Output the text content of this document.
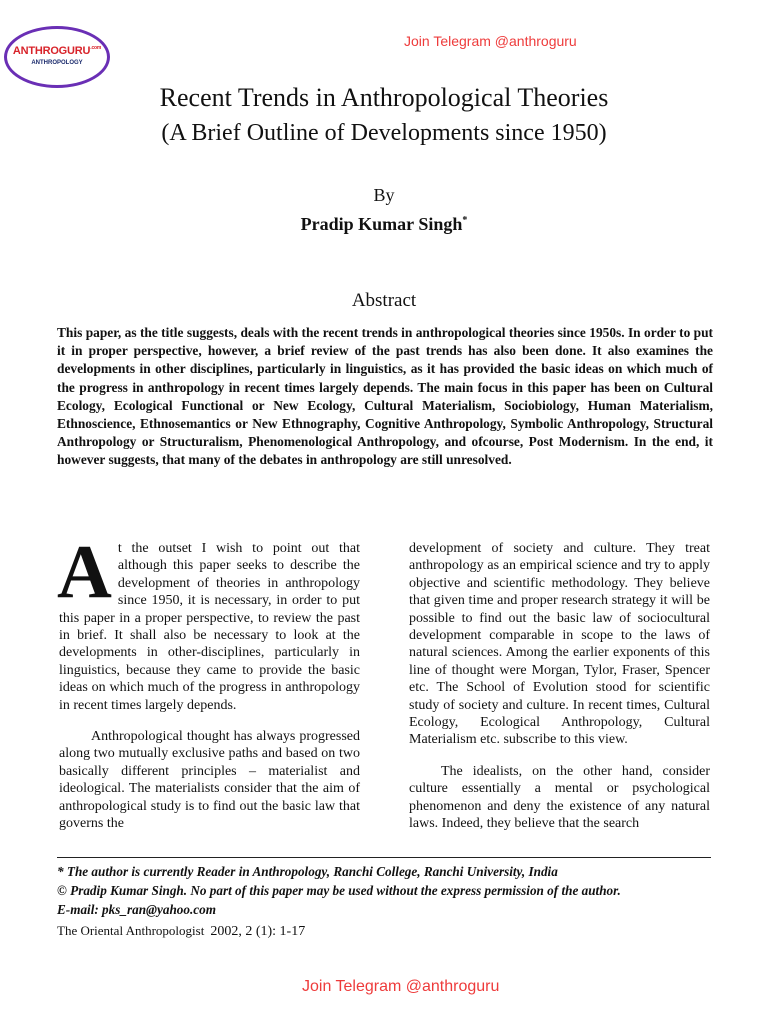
$ANTHROGURU^{.com}$
ANTHROPOLOGY
Join Telegram @anthroguru
Recent Trends in Anthropological Theories
(A Brief Outline of Developments since 1950)
By
Pradip Kumar Singh*
Abstract

This paper, as the title suggests, deals with the recent trends in anthropological theories since 1950s. In order to put it in proper perspective, however, a brief review of the past trends has also been done. It also examines the developments in other disciplines, particularly in linguistics, as it has provided the basic ideas on which much of the progress in anthropology in recent times largely depends. The main focus in this paper has been on Cultural Ecology, Ecological Functional or New Ecology, Cultural Materialism, Sociobiology, Human Materialism, Ethnoscience, Ethnosemantics or New Ethnography, Cognitive Anthropology, Symbolic Anthropology, Structural Anthropology or Structuralism, Phenomenological Anthropology, and ofcourse, Post Modernism. In the end, it however suggests, that many of the debates in anthropology are still unresolved.

At the outset I wish to point out that although this paper seeks to describe the development of theories in anthropology since 1950, it is necessary, in order to put this paper in a proper perspective, to review the past in brief. It shall also be necessary to look at the developments in other-disciplines, particularly in linguistics, because they came to provide the basic ideas on which much of the progress in anthropology in recent times largely depends.

Anthropological thought has always progressed along two mutually exclusive paths and based on two basically different principles – materialist and ideological. The materialists consider that the aim of anthropological study is to find out the basic law that governs the

development of society and culture. They treat anthropology as an empirical science and try to apply objective and scientific methodology. They believe that given time and proper research strategy it will be possible to find out the basic law of sociocultural development comparable in scope to the laws of natural sciences. Among the earlier exponents of this line of thought were Morgan, Tylor, Fraser, Spencer etc. The School of Evolution stood for scientific study of society and culture. In recent times, Cultural Ecology, Ecological Anthropology, Cultural Materialism etc. subscribe to this view.

The idealists, on the other hand, consider culture essentially a mental or psychological phenomenon and deny the existence of any natural laws. Indeed, they believe that the search

* The author is currently Reader in Anthropology, Ranchi College, Ranchi University, India
© Pradip Kumar Singh. No part of this paper may be used without the express permission of the author.
E-mail: pks_ran@yahoo.com
The Oriental Anthropologist 2002, 2 (1): 1-17
Join Telegram @anthroguru
